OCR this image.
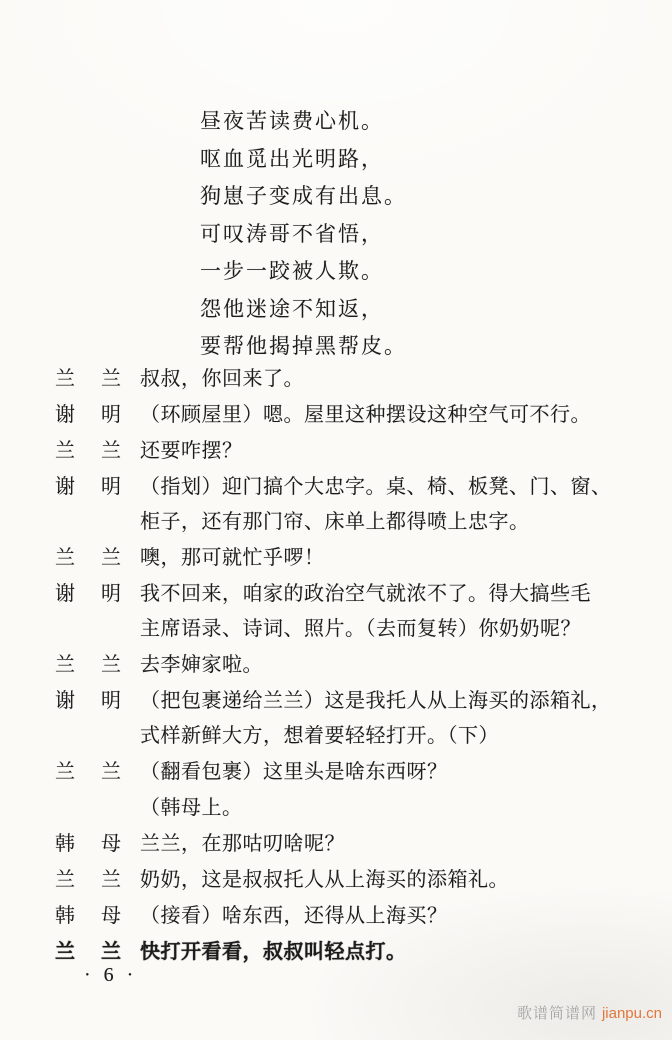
昼夜苦读费心机。
呕血觅出光明路，
狗崽子变成有出息。
可叹涛哥不省悟，
一步一跤被人欺。
怨他迷途不知返，
要帮他揭掉黑帮皮。
兰 兰 叔叔，你回来了。
谢 明 （环顾屋里）嗯。屋里这种摆设这种空气可不行。
兰 兰 还要咋摆？
谢 明 （指划）迎门搞个大忠字。桌、椅、板凳、门、窗、
柜子，还有那门帘、床单上都得喷上忠字。
兰 兰 噢，那可就忙乎啰！
谢 明 我不回来，咱家的政治空气就浓不了。得大搞些毛
主席语录、诗词、照片。（去而复转）你奶奶呢？
兰 兰 去李婶家啦。
谢 明 （把包裹递给兰兰）这是我托人从上海买的添箱礼，
式样新鲜大方，想着要轻轻打开。（下）
兰 兰 （翻看包裹）这里头是啥东西呀？
（韩母上。
韩 母 兰兰，在那咕叨啥呢？
兰 兰 奶奶，这是叔叔托人从上海买的添箱礼。
韩 母 （接看）啥东西，还得从上海买？
兰 兰 快打开看看，叔叔叫轻点打。
· 6 ·
歌谱简谱网 jianpu.cn
